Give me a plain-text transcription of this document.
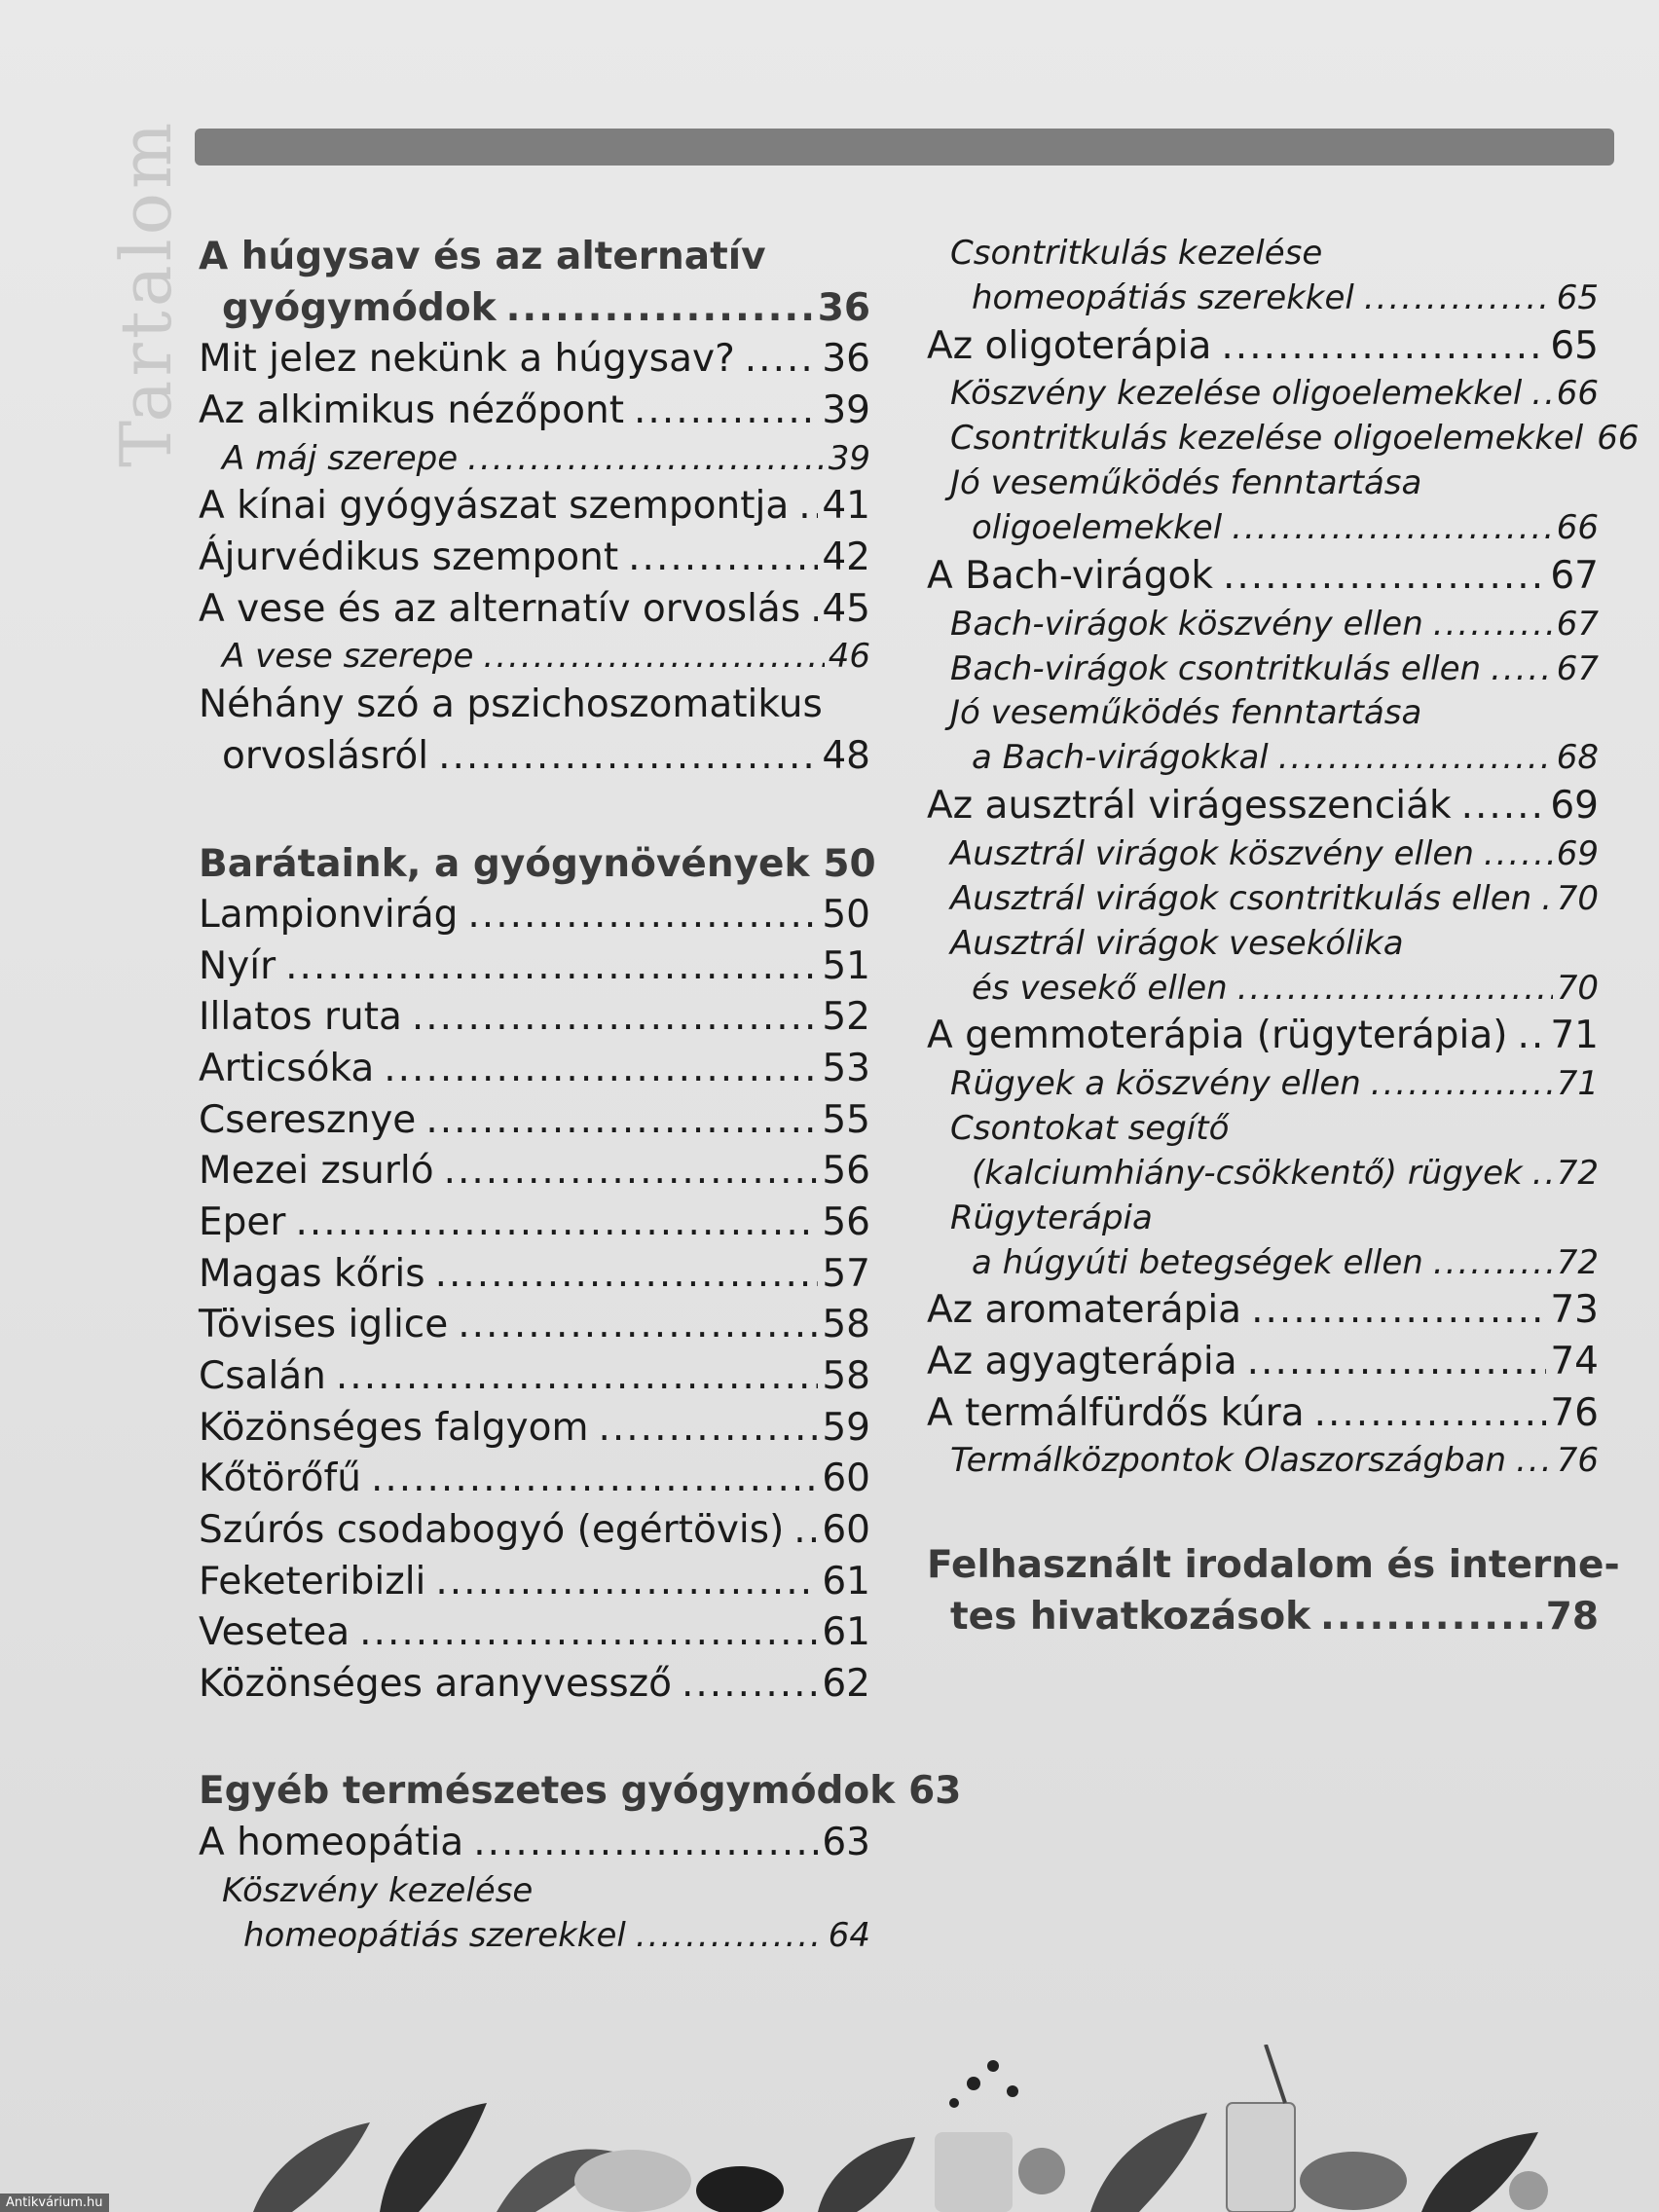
Tartalom A húgysav és az alternatív
gyógymódok .....	36
Mit jelez nekünk a húgysav? ..... 36
Az alkimikus nézőpont .....	39
A máj szerepe .....	39
A kínai gyógyászat szempontja ..... 41
Ájurvédikus szempont .....	42
A vese és az alternatív orvoslás ..... 45
A vese szerepe .....	46
Néhány szó a pszichoszomatikus
orvoslásról .....	48
Barátaink, a gyógynövények 50
Lampionvirág .....	50
Nyír .....	51
Illatos ruta .....	52
Articsóka .....	53
Cseresznye .....	55
Mezei zsurló .....	56
Eper .....	56
Magas kőris .....	57
Tövises iglice .....	58
Csalán .....	58
Közönséges falgyom .....	59
Kőtörőfű .....	60
Szúrós csodabogyó (egértövis) ..... 60
Feketeribizli .....	61
Vesetea .....	61
Közönséges aranyvessző .....	62
Egyéb természetes gyógymódok 63
A homeopátia .....	63
Köszvény kezelése
homeopátiás szerekkel .....	64
Csontritkulás kezelése
homeopátiás szerekkel .....	65
Az oligoterápia .....	65
Köszvény kezelése oligoelemekkel ..... 66
Csontritkulás kezelése oligoelemekkel 66
Jó veseműködés fenntartása
oligoelemekkel .....	66
A Bach-virágok .....	67
Bach-virágok köszvény ellen .....	67
Bach-virágok csontritkulás ellen ..... 67
Jó veseműködés fenntartása
a Bach-virágokkal .....	68
Az ausztrál virágesszenciák .....	69
Ausztrál virágok köszvény ellen ..... 69
Ausztrál virágok csontritkulás ellen ..... 70
Ausztrál virágok vesekólika
és vesekő ellen .....	70
A gemmoterápia (rügyterápia) ..... 71
Rügyek a köszvény ellen .....	71
Csontokat segítő
(kalciumhiány-csökkentő) rügyek ..... 72
Rügyterápia
a húgyúti betegségek ellen .....	72
Az aromaterápia .....	73
Az agyagterápia .....	74
A termálfürdős kúra .....	76
Termálközpontok Olaszországban ..... 76
Felhasznált irodalom és interne-
tes hivatkozások .....	78
Antikvárium.hu
